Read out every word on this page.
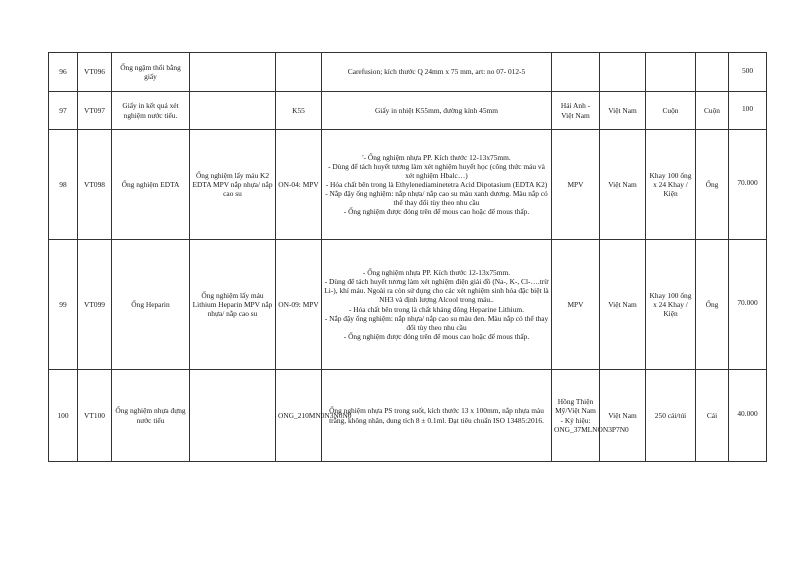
96	VT096	Ống ngậm thổi bằng giấy			Carefusion; kích thước Q 24mm x 75 mm, art: no 07- 012-5					500

97	VT097	Giấy in kết quả xét nghiệm nước tiểu.		K55	Giấy in nhiệt K55mm, đường kính 45mm	Hải Anh - Việt Nam	Việt Nam	Cuộn	Cuộn	100

98	VT098	Ống nghiệm EDTA	Ống nghiệm lấy máu K2 EDTA MPV nắp nhựa/ nắp cao su	ON-04: MPV	'- Ống nghiệm nhựa PP. Kích thước 12-13x75mm.
- Dùng để tách huyết tương làm xét nghiệm huyết học (công thức máu và xét nghiệm Hbalc…)
- Hóa chất bên trong là Ethylenediaminetetra Acid Dipotasium (EDTA K2)
- Nắp đậy ống nghiệm: nắp nhựa/ nắp cao su màu xanh dương. Màu nắp có thể thay đổi tùy theo nhu cầu
- Ống nghiệm được đóng trên để mous cao hoặc để mous thấp.	MPV	Việt Nam	Khay 100 ống x 24 Khay / Kiện	Ống	70.000

99	VT099	Ống Heparin	Ống nghiệm lấy máu Lithium Heparin MPV nắp nhựa/ nắp cao su	ON-09: MPV	- Ống nghiệm nhựa PP. Kích thước 12-13x75mm.
- Dùng để tách huyết tương làm xét nghiệm điện giải đồ (Na-, K-, Cl-….trừ Li-), khí máu. Ngoài ra còn sử dụng cho các xét nghiệm sinh hóa đặc biệt là NH3 và định lượng Alcool trong máu..
- Hóa chất bên trong là chất kháng đông Heparine Lithium.
- Nắp đậy ống nghiệm: nắp nhựa/ nắp cao su màu đen. Màu nắp có thể thay đổi tùy theo nhu cầu
- Ống nghiệm được đóng trên để mous cao hoặc để mous thấp.	MPV	Việt Nam	Khay 100 ống x 24 Khay / Kiện	Ống	70.000

100	VT100	Ống nghiệm nhựa đựng nước tiểu		ONG_210MN0N3N0N0	Ống nghiệm nhựa PS trong suốt, kích thước 13 x 100mm, nắp nhựa màu trắng, không nhãn, dung tích 8 ± 0.1ml. Đạt tiêu chuẩn ISO 13485:2016.	Hồng Thiện Mỹ/Việt Nam - Ký hiệu: ONG_37MLNON3P7N0	Việt Nam	250 cái/túi	Cái	40.000
